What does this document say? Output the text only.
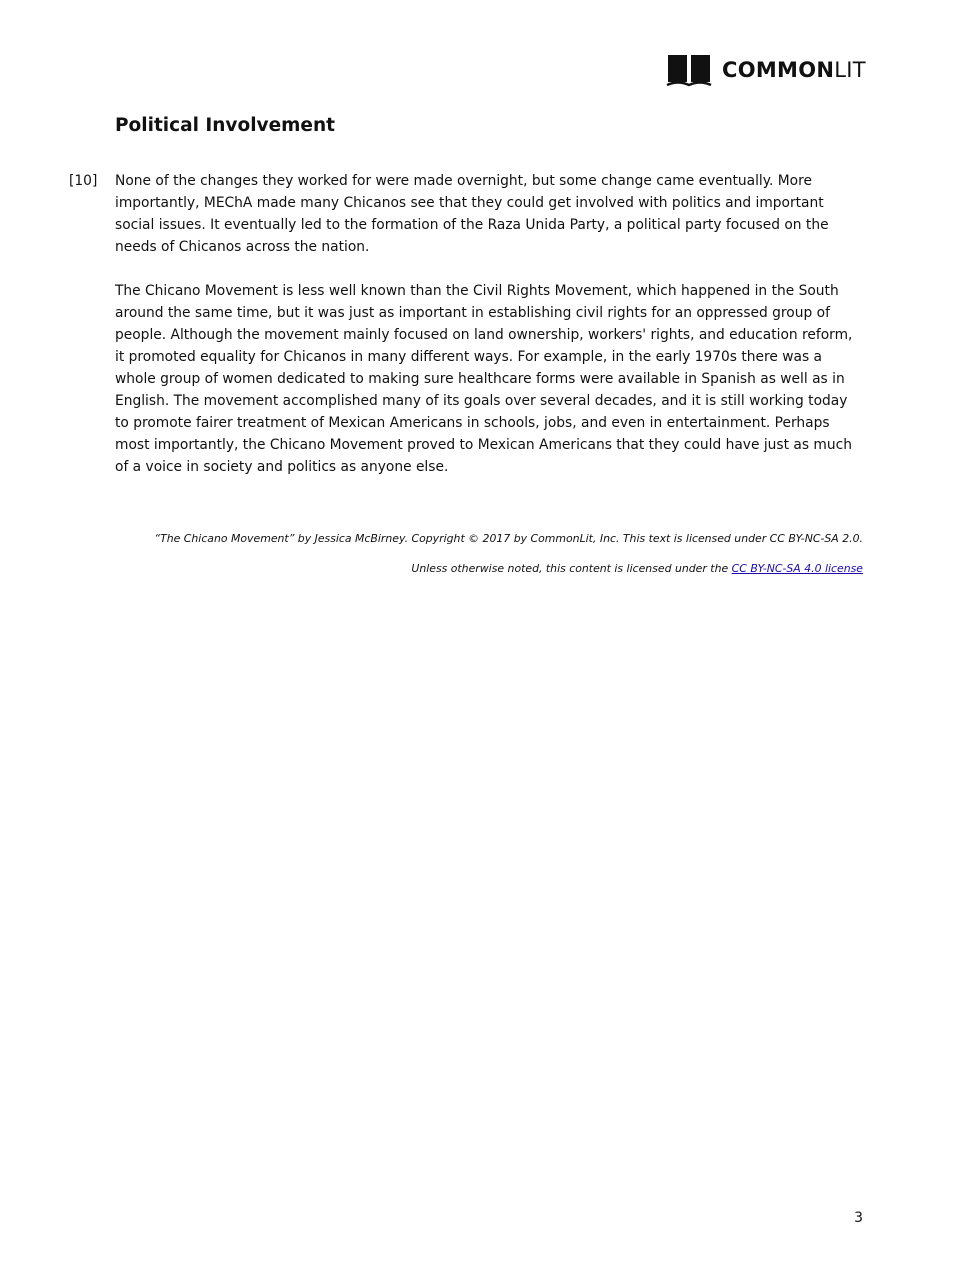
COMMONLIT
Political Involvement
[10] None of the changes they worked for were made overnight, but some change came eventually. More importantly, MEChA made many Chicanos see that they could get involved with politics and important social issues. It eventually led to the formation of the Raza Unida Party, a political party focused on the needs of Chicanos across the nation.

The Chicano Movement is less well known than the Civil Rights Movement, which happened in the South around the same time, but it was just as important in establishing civil rights for an oppressed group of people. Although the movement mainly focused on land ownership, workers' rights, and education reform, it promoted equality for Chicanos in many different ways. For example, in the early 1970s there was a whole group of women dedicated to making sure healthcare forms were available in Spanish as well as in English. The movement accomplished many of its goals over several decades, and it is still working today to promote fairer treatment of Mexican Americans in schools, jobs, and even in entertainment. Perhaps most importantly, the Chicano Movement proved to Mexican Americans that they could have just as much of a voice in society and politics as anyone else.

“The Chicano Movement” by Jessica McBirney. Copyright © 2017 by CommonLit, Inc. This text is licensed under CC BY-NC-SA 2.0.
Unless otherwise noted, this content is licensed under the CC BY-NC-SA 4.0 license
3
